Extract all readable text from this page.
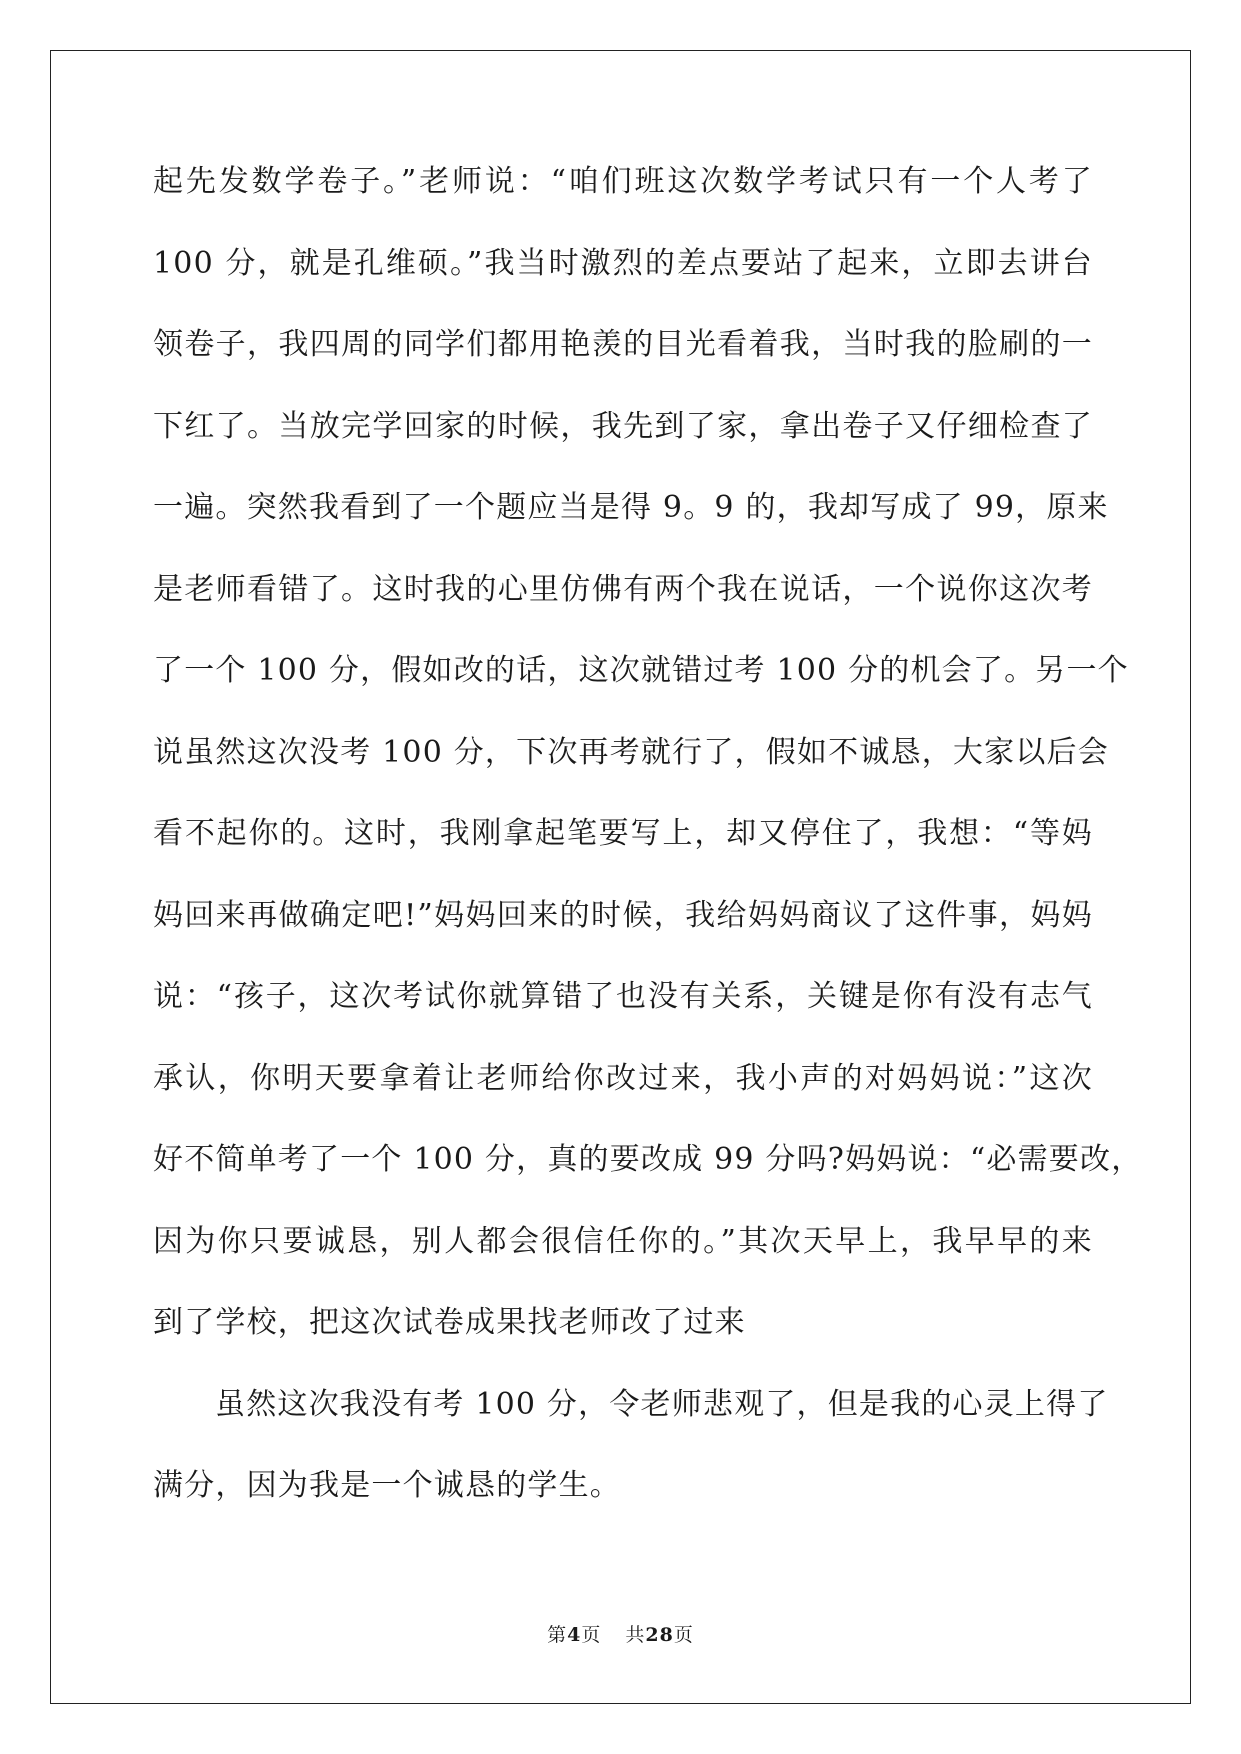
起先发数学卷子。”老师说：“咱们班这次数学考试只有一个人考了
100 分，就是孔维硕。”我当时激烈的差点要站了起来，立即去讲台
领卷子，我四周的同学们都用艳羡的目光看着我，当时我的脸刷的一
下红了。当放完学回家的时候，我先到了家，拿出卷子又仔细检查了
一遍。突然我看到了一个题应当是得 9。9 的，我却写成了 99，原来
是老师看错了。这时我的心里仿佛有两个我在说话，一个说你这次考
了一个 100 分，假如改的话，这次就错过考 100 分的机会了。另一个
说虽然这次没考 100 分，下次再考就行了，假如不诚恳，大家以后会
看不起你的。这时，我刚拿起笔要写上，却又停住了，我想：“等妈
妈回来再做确定吧!”妈妈回来的时候，我给妈妈商议了这件事，妈妈
说：“孩子，这次考试你就算错了也没有关系，关键是你有没有志气
承认，你明天要拿着让老师给你改过来，我小声的对妈妈说：”这次
好不简单考了一个 100 分，真的要改成 99 分吗?妈妈说：“必需要改，
因为你只要诚恳，别人都会很信任你的。”其次天早上，我早早的来
到了学校，把这次试卷成果找老师改了过来
虽然这次我没有考 100 分，令老师悲观了，但是我的心灵上得了
满分，因为我是一个诚恳的学生。
第4页 共28页
